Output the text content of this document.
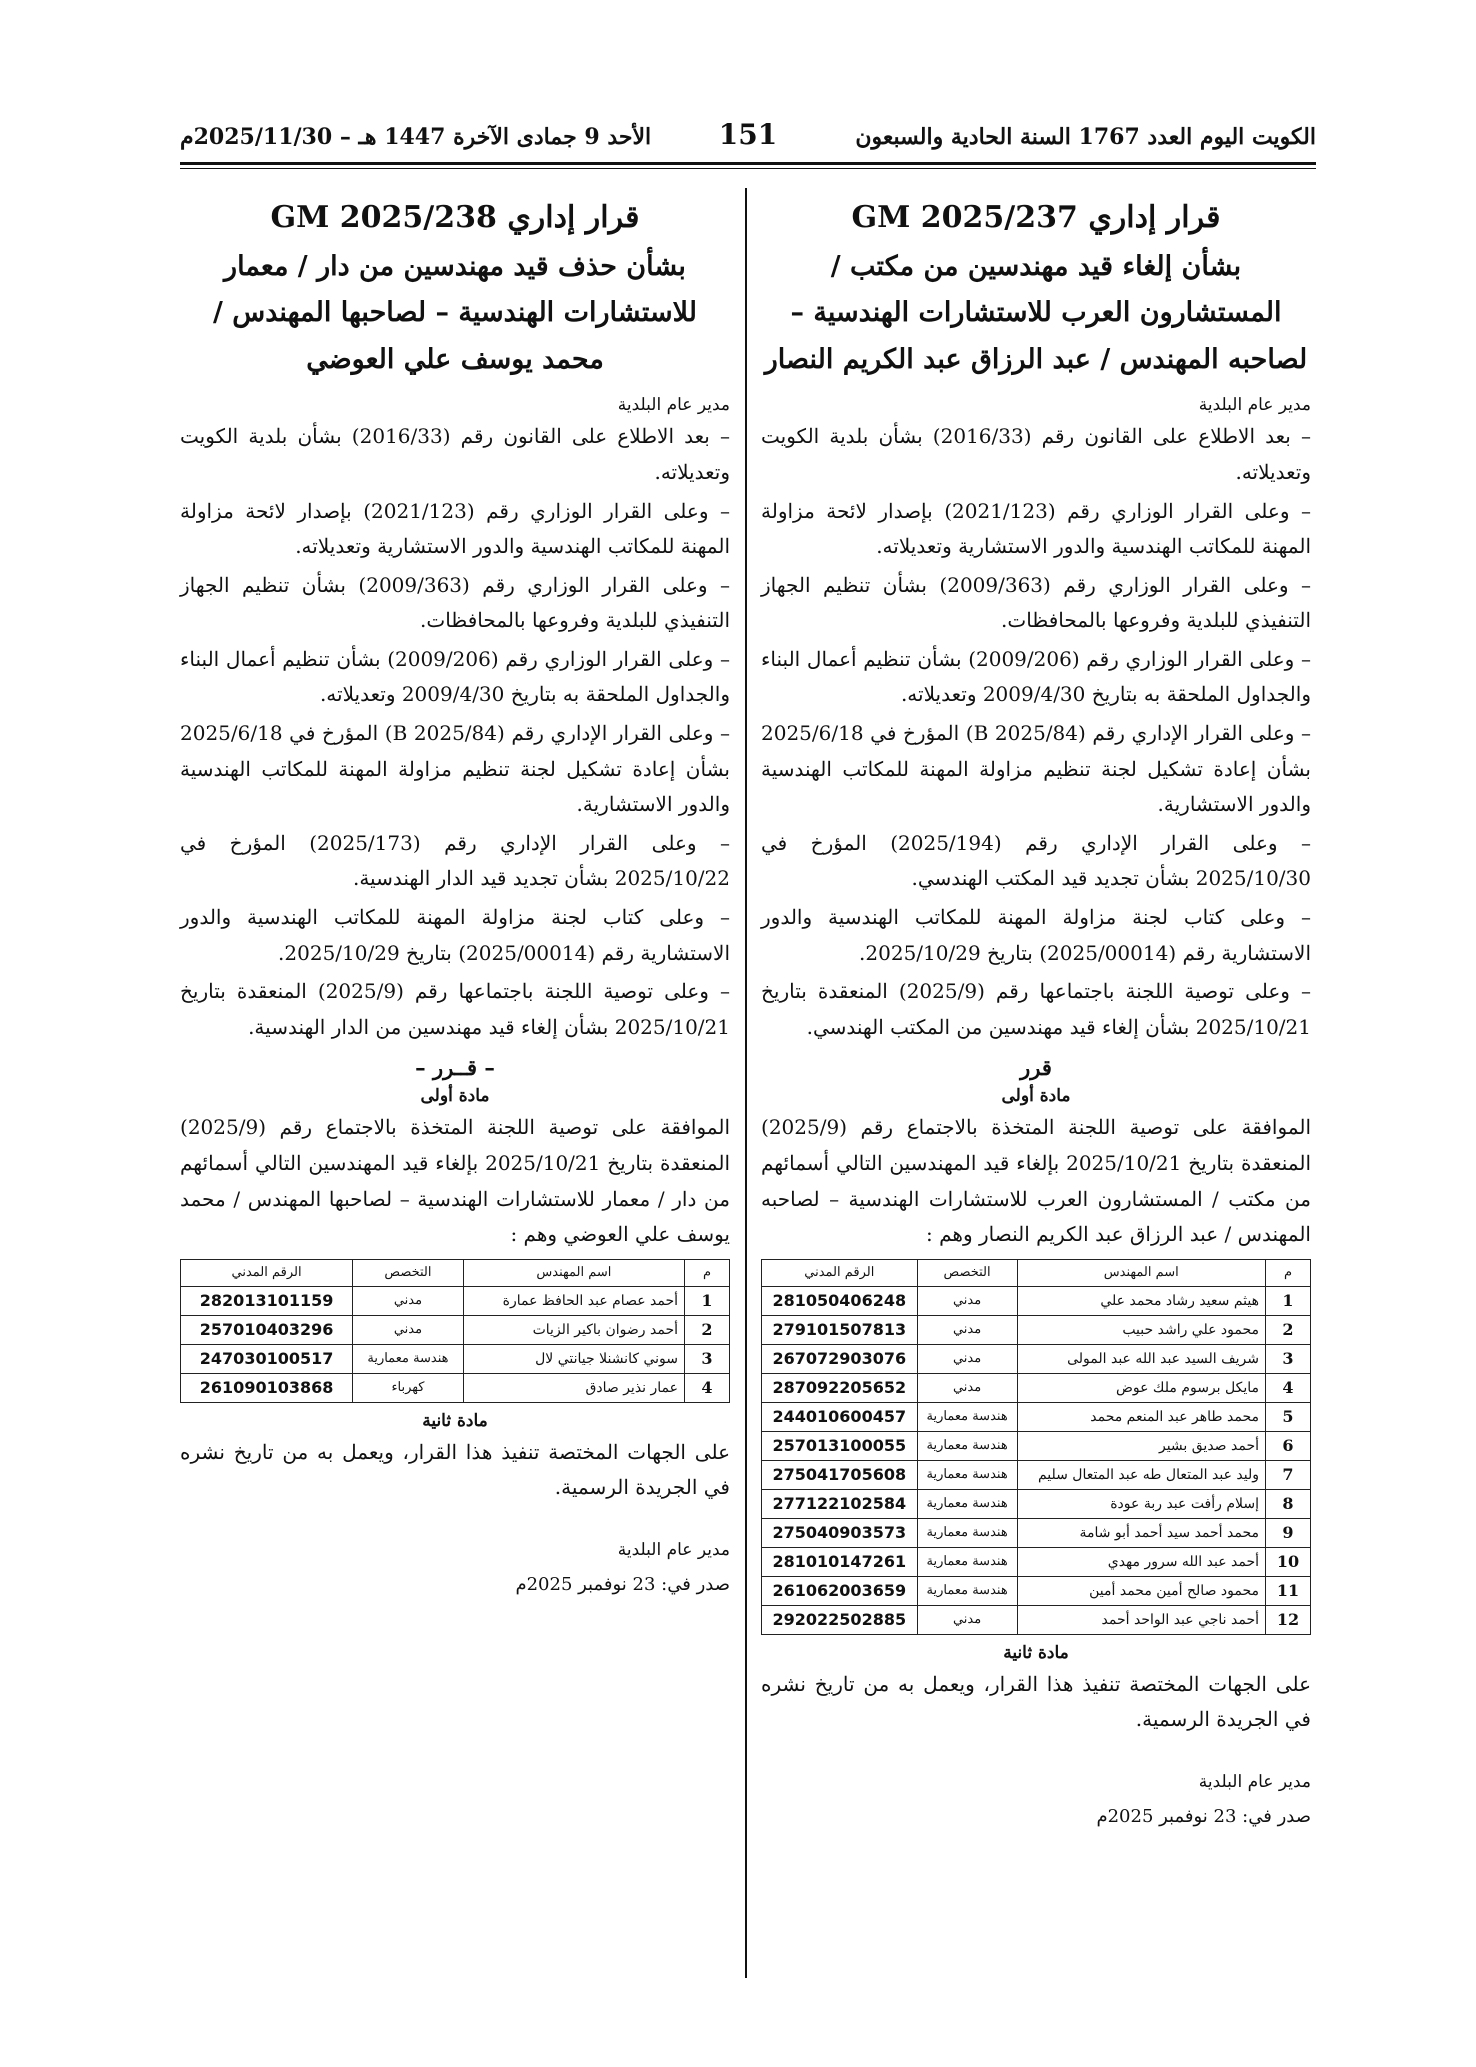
الكويت اليوم العدد 1767 السنة الحادية والسبعون
151
الأحد 9 جمادى الآخرة 1447 هـ – 2025/11/30م
قرار إداري GM 2025/237
بشأن إلغاء قيد مهندسين من مكتب / المستشارون العرب للاستشارات الهندسية – لصاحبه المهندس / عبد الرزاق عبد الكريم النصار
مدير عام البلدية

– بعد الاطلاع على القانون رقم (2016/33) بشأن بلدية الكويت وتعديلاته.

– وعلى القرار الوزاري رقم (2021/123) بإصدار لائحة مزاولة المهنة للمكاتب الهندسية والدور الاستشارية وتعديلاته.

– وعلى القرار الوزاري رقم (2009/363) بشأن تنظيم الجهاز التنفيذي للبلدية وفروعها بالمحافظات.

– وعلى القرار الوزاري رقم (2009/206) بشأن تنظيم أعمال البناء والجداول الملحقة به بتاريخ 2009/4/30 وتعديلاته.

– وعلى القرار الإداري رقم (2025/84 B) المؤرخ في 2025/6/18 بشأن إعادة تشكيل لجنة تنظيم مزاولة المهنة للمكاتب الهندسية والدور الاستشارية.

– وعلى القرار الإداري رقم (2025/194) المؤرخ في 2025/10/30 بشأن تجديد قيد المكتب الهندسي.

– وعلى كتاب لجنة مزاولة المهنة للمكاتب الهندسية والدور الاستشارية رقم (2025/00014) بتاريخ 2025/10/29.

– وعلى توصية اللجنة باجتماعها رقم (2025/9) المنعقدة بتاريخ 2025/10/21 بشأن إلغاء قيد مهندسين من المكتب الهندسي.

قرر
مادة أولى

الموافقة على توصية اللجنة المتخذة بالاجتماع رقم (2025/9) المنعقدة بتاريخ 2025/10/21 بإلغاء قيد المهندسين التالي أسمائهم من مكتب / المستشارون العرب للاستشارات الهندسية – لصاحبه المهندس / عبد الرزاق عبد الكريم النصار وهم :

م	اسم المهندس	التخصص	الرقم المدني
1	هيثم سعيد رشاد محمد علي	مدني	281050406248
2	محمود علي راشد حبيب	مدني	279101507813
3	شريف السيد عبد الله عبد المولى	مدني	267072903076
4	مايكل برسوم ملك عوض	مدني	287092205652
5	محمد طاهر عبد المنعم محمد	هندسة معمارية	244010600457
6	أحمد صديق بشير	هندسة معمارية	257013100055
7	وليد عبد المتعال طه عبد المتعال سليم	هندسة معمارية	275041705608
8	إسلام رأفت عبد ربة عودة	هندسة معمارية	277122102584
9	محمد أحمد سيد أحمد أبو شامة	هندسة معمارية	275040903573
10	أحمد عبد الله سرور مهدي	هندسة معمارية	281010147261
11	محمود صالح أمين محمد أمين	هندسة معمارية	261062003659
12	أحمد ناجي عبد الواحد أحمد	مدني	292022502885
مادة ثانية

على الجهات المختصة تنفيذ هذا القرار، ويعمل به من تاريخ نشره في الجريدة الرسمية.

مدير عام البلدية
صدر في: 23 نوفمبر 2025م
قرار إداري GM 2025/238
بشأن حذف قيد مهندسين من دار / معمار للاستشارات الهندسية – لصاحبها المهندس / محمد يوسف علي العوضي
مدير عام البلدية

– بعد الاطلاع على القانون رقم (2016/33) بشأن بلدية الكويت وتعديلاته.

– وعلى القرار الوزاري رقم (2021/123) بإصدار لائحة مزاولة المهنة للمكاتب الهندسية والدور الاستشارية وتعديلاته.

– وعلى القرار الوزاري رقم (2009/363) بشأن تنظيم الجهاز التنفيذي للبلدية وفروعها بالمحافظات.

– وعلى القرار الوزاري رقم (2009/206) بشأن تنظيم أعمال البناء والجداول الملحقة به بتاريخ 2009/4/30 وتعديلاته.

– وعلى القرار الإداري رقم (2025/84 B) المؤرخ في 2025/6/18 بشأن إعادة تشكيل لجنة تنظيم مزاولة المهنة للمكاتب الهندسية والدور الاستشارية.

– وعلى القرار الإداري رقم (2025/173) المؤرخ في 2025/10/22 بشأن تجديد قيد الدار الهندسية.

– وعلى كتاب لجنة مزاولة المهنة للمكاتب الهندسية والدور الاستشارية رقم (2025/00014) بتاريخ 2025/10/29.

– وعلى توصية اللجنة باجتماعها رقم (2025/9) المنعقدة بتاريخ 2025/10/21 بشأن إلغاء قيد مهندسين من الدار الهندسية.

– قــرر –
مادة أولى

الموافقة على توصية اللجنة المتخذة بالاجتماع رقم (2025/9) المنعقدة بتاريخ 2025/10/21 بإلغاء قيد المهندسين التالي أسمائهم من دار / معمار للاستشارات الهندسية – لصاحبها المهندس / محمد يوسف علي العوضي وهم :

م	اسم المهندس	التخصص	الرقم المدني
1	أحمد عصام عبد الحافظ عمارة	مدني	282013101159
2	أحمد رضوان باكير الزيات	مدني	257010403296
3	سوني كانشنلا جيانتي لال	هندسة معمارية	247030100517
4	عمار نذير صادق	كهرباء	261090103868
مادة ثانية

على الجهات المختصة تنفيذ هذا القرار، ويعمل به من تاريخ نشره في الجريدة الرسمية.

مدير عام البلدية
صدر في: 23 نوفمبر 2025م
